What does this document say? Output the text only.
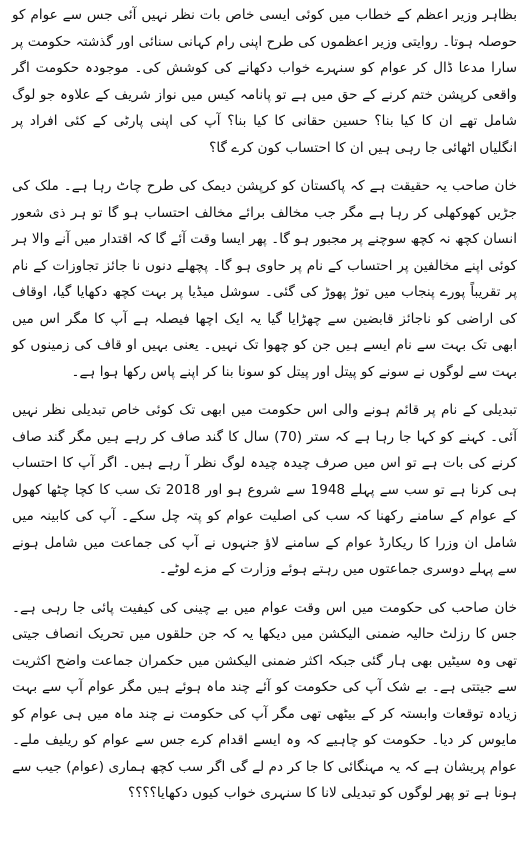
بظاہر وزیر اعظم کے خطاب میں کوئی ایسی خاص بات نظر نہیں آئی جس سے عوام کو حوصلہ ہوتا۔ روایتی وزیر اعظموں کی طرح اپنی رام کہانی سنائی اور گذشتہ حکومت پر سارا مدعا ڈال کر عوام کو سنہرے خواب دکھانے کی کوشش کی۔ موجودہ حکومت اگر واقعی کرپشن ختم کرنے کے حق میں ہے تو پانامہ کیس میں نواز شریف کے علاوہ جو لوگ شامل تھے ان کا کیا بنا؟ حسین حقانی کا کیا بنا؟ آپ کی اپنی پارٹی کے کئی افراد پر انگلیاں اٹھائی جا رہی ہیں ان کا احتساب کون کرے گا؟

خان صاحب یہ حقیقت ہے کہ پاکستان کو کرپشن دیمک کی طرح چاٹ رہا ہے۔ ملک کی جڑیں کھوکھلی کر رہا ہے مگر جب مخالف برائے مخالف احتساب ہو گا تو ہر ذی شعور انسان کچھ نہ کچھ سوچنے پر مجبور ہو گا۔ پھر ایسا وقت آئے گا کہ اقتدار میں آنے والا ہر کوئی اپنے مخالفین پر احتساب کے نام پر حاوی ہو گا۔ پچھلے دنوں نا جائز تجاوزات کے نام پر تقریباً پورے پنجاب میں توڑ پھوڑ کی گئی۔ سوشل میڈیا پر بہت کچھ دکھایا گیا، اوقاف کی اراضی کو ناجائز قابضین سے چھڑایا گیا یہ ایک اچھا فیصلہ ہے آپ کا مگر اس میں ابھی تک بہت سے نام ایسے ہیں جن کو چھوا تک نہیں۔ یعنی بہیں او قاف کی زمینوں کو بہت سے لوگوں نے سونے کو پیتل اور پیتل کو سونا بنا کر اپنے پاس رکھا ہوا ہے۔

تبدیلی کے نام پر قائم ہونے والی اس حکومت میں ابھی تک کوئی خاص تبدیلی نظر نہیں آئی۔ کہنے کو کہا جا رہا ہے کہ ستر (70) سال کا گند صاف کر رہے ہیں مگر گند صاف کرنے کی بات ہے تو اس میں صرف چیدہ چیدہ لوگ نظر آ رہے ہیں۔ اگر آپ کا احتساب ہی کرنا ہے تو سب سے پہلے 1948 سے شروع ہو اور 2018 تک سب کا کچا چٹھا کھول کے عوام کے سامنے رکھنا کہ سب کی اصلیت عوام کو پتہ چل سکے۔ آپ کی کابینہ میں شامل ان وزرا کا ریکارڈ عوام کے سامنے لاؤ جنہوں نے آپ کی جماعت میں شامل ہونے سے پہلے دوسری جماعتوں میں رہتے ہوئے وزارت کے مزے لوٹے۔

خان صاحب کی حکومت میں اس وقت عوام میں بے چینی کی کیفیت پائی جا رہی ہے۔ جس کا رزلٹ حالیہ ضمنی الیکشن میں دیکھا یہ کہ جن حلقوں میں تحریک انصاف جیتی تھی وہ سیٹیں بھی ہار گئی جبکہ اکثر ضمنی الیکشن میں حکمران جماعت واضح اکثریت سے جیتتی ہے۔ بے شک آپ کی حکومت کو آئے چند ماہ ہوئے ہیں مگر عوام آپ سے بہت زیادہ توقعات وابستہ کر کے بیٹھی تھی مگر آپ کی حکومت نے چند ماہ میں ہی عوام کو مایوس کر دیا۔ حکومت کو چاہیے کہ وہ ایسے اقدام کرے جس سے عوام کو ریلیف ملے۔ عوام پریشان ہے کہ یہ مہنگائی کا جا کر دم لے گی اگر سب کچھ ہماری (عوام) جیب سے ہونا ہے تو پھر لوگوں کو تبدیلی لانا کا سنہری خواب کیوں دکھایا؟؟؟؟
